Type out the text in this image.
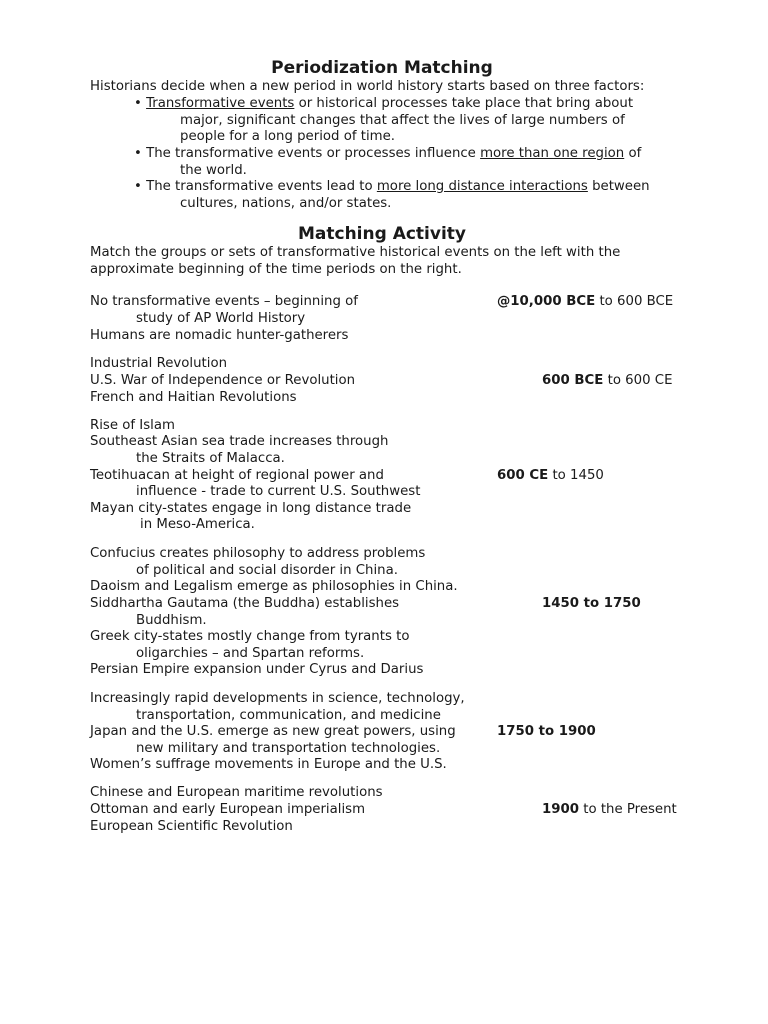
Periodization Matching
Historians decide when a new period in world history starts based on three factors:
• Transformative events or historical processes take place that bring about
major, significant changes that affect the lives of large numbers of
people for a long period of time.
• The transformative events or processes influence more than one region of
the world.
• The transformative events lead to more long distance interactions between
cultures, nations, and/or states.
Matching Activity
Match the groups or sets of transformative historical events on the left with the
approximate beginning of the time periods on the right.
No transformative events – beginning of
study of AP World History
Humans are nomadic hunter-gatherers
Industrial Revolution
U.S. War of Independence or Revolution
French and Haitian Revolutions
Rise of Islam
Southeast Asian sea trade increases through
the Straits of Malacca.
Teotihuacan at height of regional power and
influence - trade to current U.S. Southwest
Mayan city-states engage in long distance trade
in Meso-America.
Confucius creates philosophy to address problems
of political and social disorder in China.
Daoism and Legalism emerge as philosophies in China.
Siddhartha Gautama (the Buddha) establishes
Buddhism.
Greek city-states mostly change from tyrants to
oligarchies – and Spartan reforms.
Persian Empire expansion under Cyrus and Darius
Increasingly rapid developments in science, technology,
transportation, communication, and medicine
Japan and the U.S. emerge as new great powers, using
new military and transportation technologies.
Women’s suffrage movements in Europe and the U.S.
Chinese and European maritime revolutions
Ottoman and early European imperialism
European Scientific Revolution
@10,000 BCE to 600 BCE
600 BCE to 600 CE
600 CE to 1450
1450 to 1750
1750 to 1900
1900 to the Present
